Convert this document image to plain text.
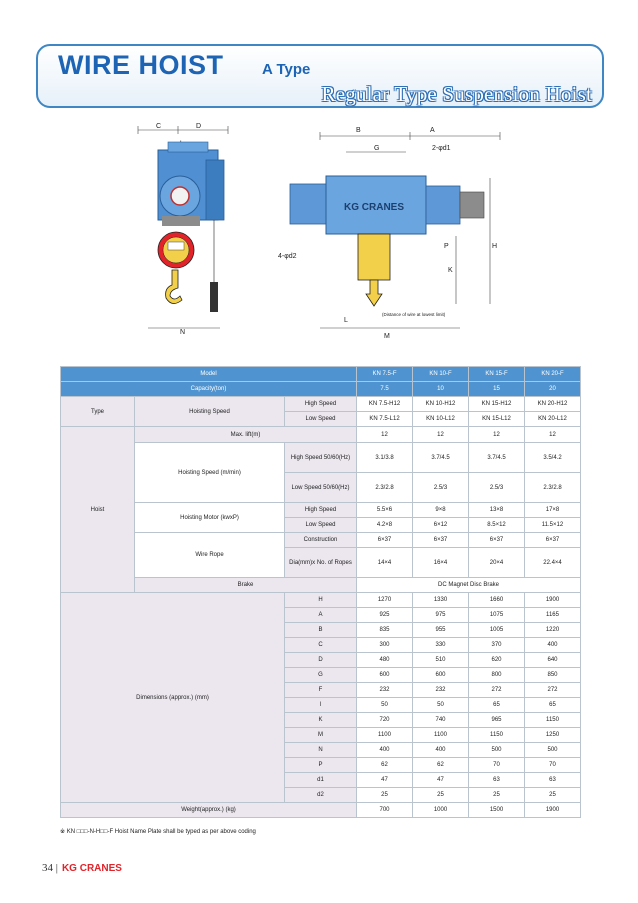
WIRE HOIST	A Type
Regular Type Suspension Hoist
C	D
N
B	A
G	2-φd1
KG CRANES
H
K
P
M
L
4-φd2
(Distance of wire at lowest limit)
Model			KN 7.5-F	KN 10-F	KN 15-F	KN 20-F
Capacity(ton)			7.5	10	15	20
Type	Hoisting Speed	High Speed	KN 7.5-H12	KN 10-H12	KN 15-H12	KN 20-H12
		Low Speed	KN 7.5-L12	KN 10-L12	KN 15-L12	KN 20-L12
Hoist	Max. lift(m)		12	12	12	12
	Hoisting Speed (m/min)	High Speed 50/60(Hz)	3.1/3.8	3.7/4.5	3.7/4.5	3.5/4.2
		Low Speed 50/60(Hz)	2.3/2.8	2.5/3	2.5/3	2.3/2.8
	Hoisting Motor (kwxP)	High Speed	5.5×6	9×8	13×8	17×8
		Low Speed	4.2×8	6×12	8.5×12	11.5×12
	Wire Rope	Construction	6×37	6×37	6×37	6×37
		Dia(mm)x No. of Ropes	14×4	16×4	20×4	22.4×4
	Brake		DC Magnet Disc Brake			
Dimensions (approx.) (mm)		H	1270	1330	1660	1900
		A	925	975	1075	1165
		B	835	955	1005	1220
		C	300	330	370	400
		D	480	510	620	640
		G	600	600	800	850
		F	232	232	272	272
		l	50	50	65	65
		K	720	740	965	1150
		M	1100	1100	1150	1250
		N	400	400	500	500
		P	62	62	70	70
		d1	47	47	63	63
		d2	25	25	25	25
Weight(approx.) (kg)			700	1000	1500	1900
※ KN □□□-N-H□□-F Hoist Name Plate shall be typed as per above coding
34 | KG CRANES
